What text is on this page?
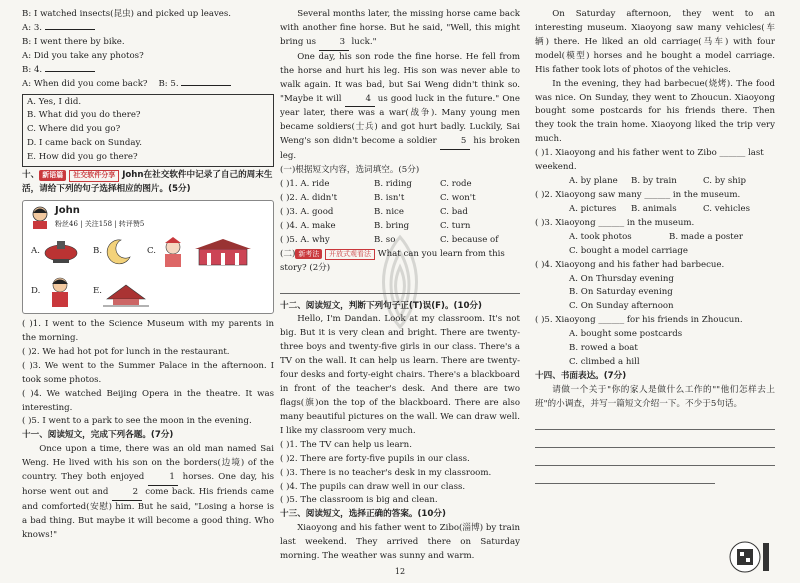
B: I watched insects(昆虫) and picked up leaves.
A: 3.
B: I went there by bike.
A: Did you take any photos?
B: 4.
A: When did you come back? B: 5.
A. Yes, I did.
B. What did you do there?
C. Where did you go?
D. I came back on Sunday.
E. How did you go there?
十、 新语篇 社交软件分享 John在社交软件中记录了自己的周末生活，请给下列的句子选择相应的图片。(5分)
John
粉丝46 | 关注158 | 转评赞5
A.	B.	C.
D.	E.
( )1. I went to the Science Museum with my parents in the morning.
( )2. We had hot pot for lunch in the restaurant.
( )3. We went to the Summer Palace in the afternoon. I took some photos.
( )4. We watched Beijing Opera in the theatre. It was interesting.
( )5. I went to a park to see the moon in the evening.
十一、阅读短文，完成下列各题。(7分)
Once upon a time, there was an old man named Sai Weng. He lived with his son on the borders(边境) of the country. They both enjoyed	1 horses. One day, his horse went out and	2 come back. His friends came and comforted(安慰) him. But he said, "Losing a horse is a bad thing. But maybe it will become a good thing. Who knows!"
Several months later, the missing horse came back with another fine horse. But he said, "Well, this might bring us	3 luck."
One day, his son rode the fine horse. He fell from the horse and hurt his leg. His son was never able to walk again. It was bad, but Sai Weng didn't think so. "Maybe it will	4 us good luck in the future." One year later, there was a war(战争). Many young men became soldiers(士兵) and got hurt badly. Luckily, Sai Weng's son didn't become a soldier	5 his broken leg.
(一)根据短文内容，选词填空。(5分)
( )1. A. ride	B. riding	C. rode
( )2. A. didn't	B. isn't	C. won't
( )3. A. good	B. nice	C. bad
( )4. A. make	B. bring	C. turn
( )5. A. why	B. so	C. because of
(二) 新考法 开放式观看法 What can you learn from this story? (2分)
十二、阅读短文，判断下列句子正(T)误(F)。(10分)
Hello, I'm Dandan. Look at my classroom. It's not big. But it is very clean and bright. There are twenty-three boys and twenty-five girls in our class. There's a TV on the wall. It can help us learn. There are twenty-four desks and forty-eight chairs. There's a blackboard in front of the teacher's desk. And there are two flags(旗)on the top of the blackboard. There are also many beautiful pictures on the wall. We can draw well. I like my classroom very much.
( )1. The TV can help us learn.
( )2. There are forty-five pupils in our class.
( )3. There is no teacher's desk in my classroom.
( )4. The pupils can draw well in our class.
( )5. The classroom is big and clean.
十三、阅读短文，选择正确的答案。(10分)
Xiaoyong and his father went to Zibo(淄博) by train last weekend. They arrived there on Saturday morning. The weather was sunny and warm.
On Saturday afternoon, they went to an interesting museum. Xiaoyong saw many vehicles(车辆) there. He liked an old carriage(马车) with four model(模型) horses and he bought a model carriage. His father took lots of photos of the vehicles.
In the evening, they had barbecue(烧烤). The food was nice. On Sunday, they went to Zhoucun. Xiaoyong bought some postcards for his friends there. Then they took the train home. Xiaoyong liked the trip very much.
( )1. Xiaoyong and his father went to Zibo ______ last weekend.
A. by plane B. by train	C. by ship
( )2. Xiaoyong saw many ______ in the museum.
A. pictures B. animals	C. vehicles
( )3. Xiaoyong ______ in the museum.
A. took photos	B. made a poster
C. bought a model carriage
( )4. Xiaoyong and his father had barbecue.
A. On Thursday evening
B. On Saturday evening
C. On Sunday afternoon
( )5. Xiaoyong ______ for his friends in Zhoucun.
A. bought some postcards
B. rowed a boat
C. climbed a hill
十四、书面表达。(7分)
请做一个关于"你的家人是做什么工作的""他们怎样去上班"的小调查，并写一篇短文介绍一下。不少于5句话。
12
